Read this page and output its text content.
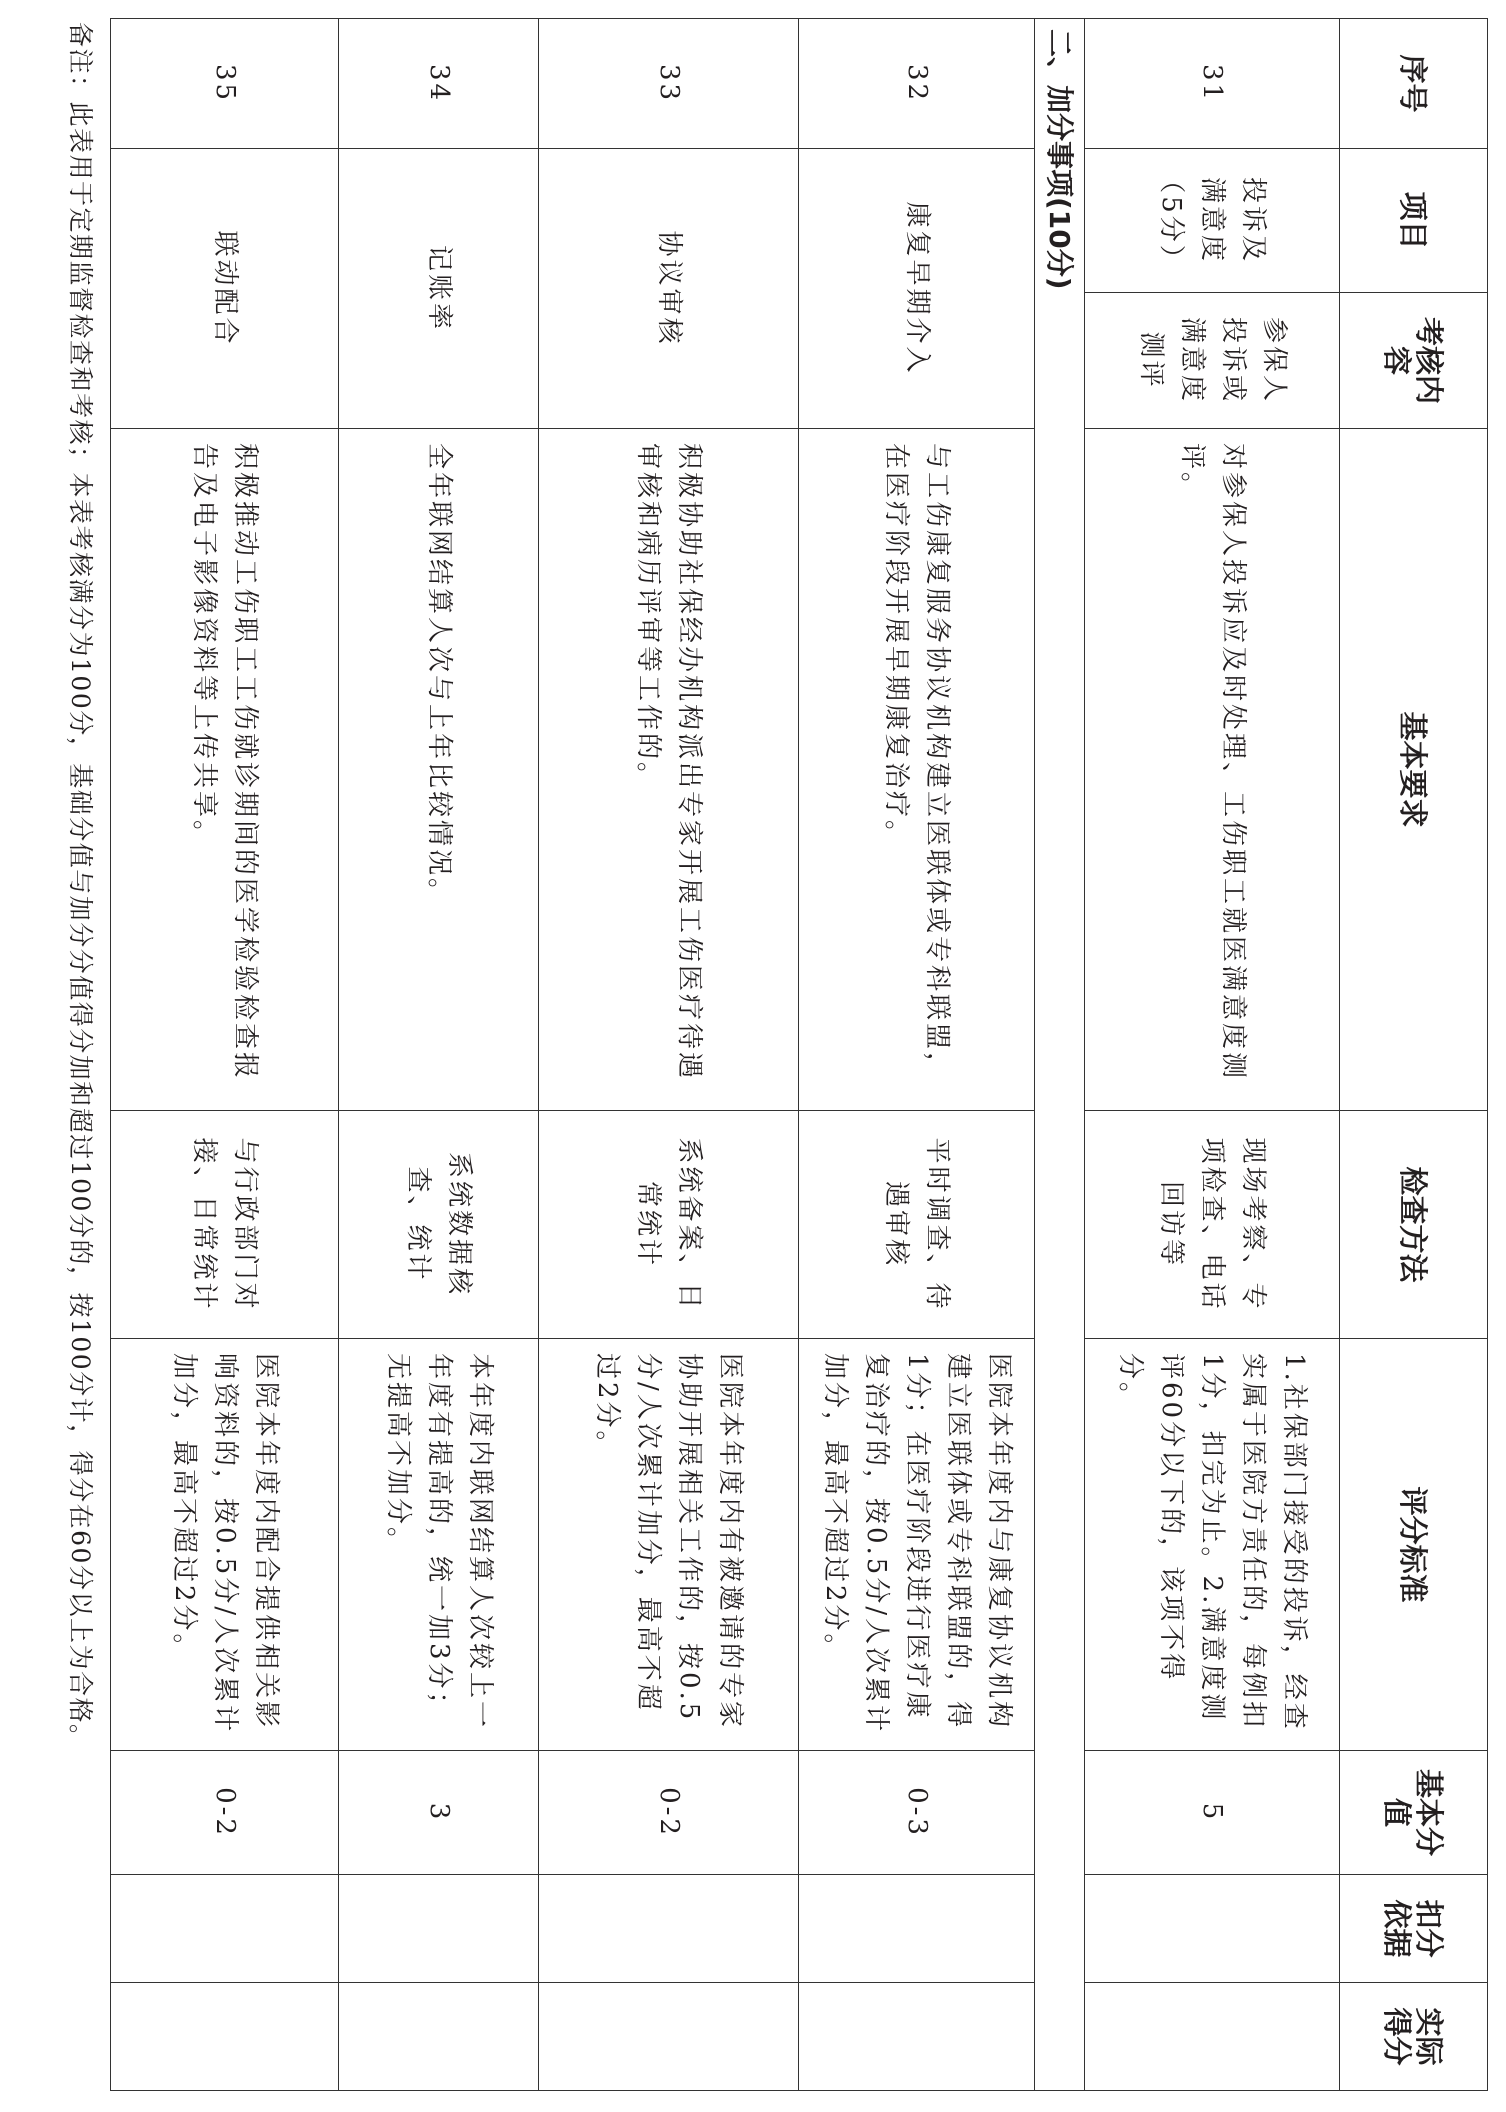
序号	项目	考核内容	基本要求	检查方法	评分标准	基本分值	扣分依据	实际得分
31	投诉及满意度（5分）	参保人投诉或满意度测评	对参保人投诉应及时处理、工伤职工就医满意度测评。	现场考察、专项检查、电话回访等	1.社保部门接受的投诉，经查实属于医院方责任的，每例扣1分，扣完为止。2.满意度测评60分以下的，该项不得分。	5		
二、加分事项(10分)								
32	康复早期介入		与工伤康复服务协议机构建立医联体或专科联盟，在医疗阶段开展早期康复治疗。	平时调查、待遇审核	医院本年度内与康复协议机构建立医联体或专科联盟的，得1分；在医疗阶段进行医疗康复治疗的，按0.5分/人次累计加分，最高不超过2分。	0-3		
33	协议审核		积极协助社保经办机构派出专家开展工伤医疗待遇审核和病历评审等工作的。	系统备案、日常统计	医院本年度内有被邀请的专家协助开展相关工作的，按0.5分/人次累计加分，最高不超过2分。	0-2		
34	记账率		全年联网结算人次与上年比较情况。	系统数据核查、统计	本年度内联网结算人次较上一年度有提高的，统一加3分；无提高不加分。	3		
35	联动配合		积极推动工伤职工工伤就诊期间的医学检验检查报告及电子影像资料等上传共享。	与行政部门对接、日常统计	医院本年度内配合提供相关影响资料的，按0.5分/人次累计加分，最高不超过2分。	0-2		
备注：此表用于定期监督检查和考核；本表考核满分为100分，基础分值与加分分值得分加和超过100分的，按100分计，得分在60分以上为合格。
